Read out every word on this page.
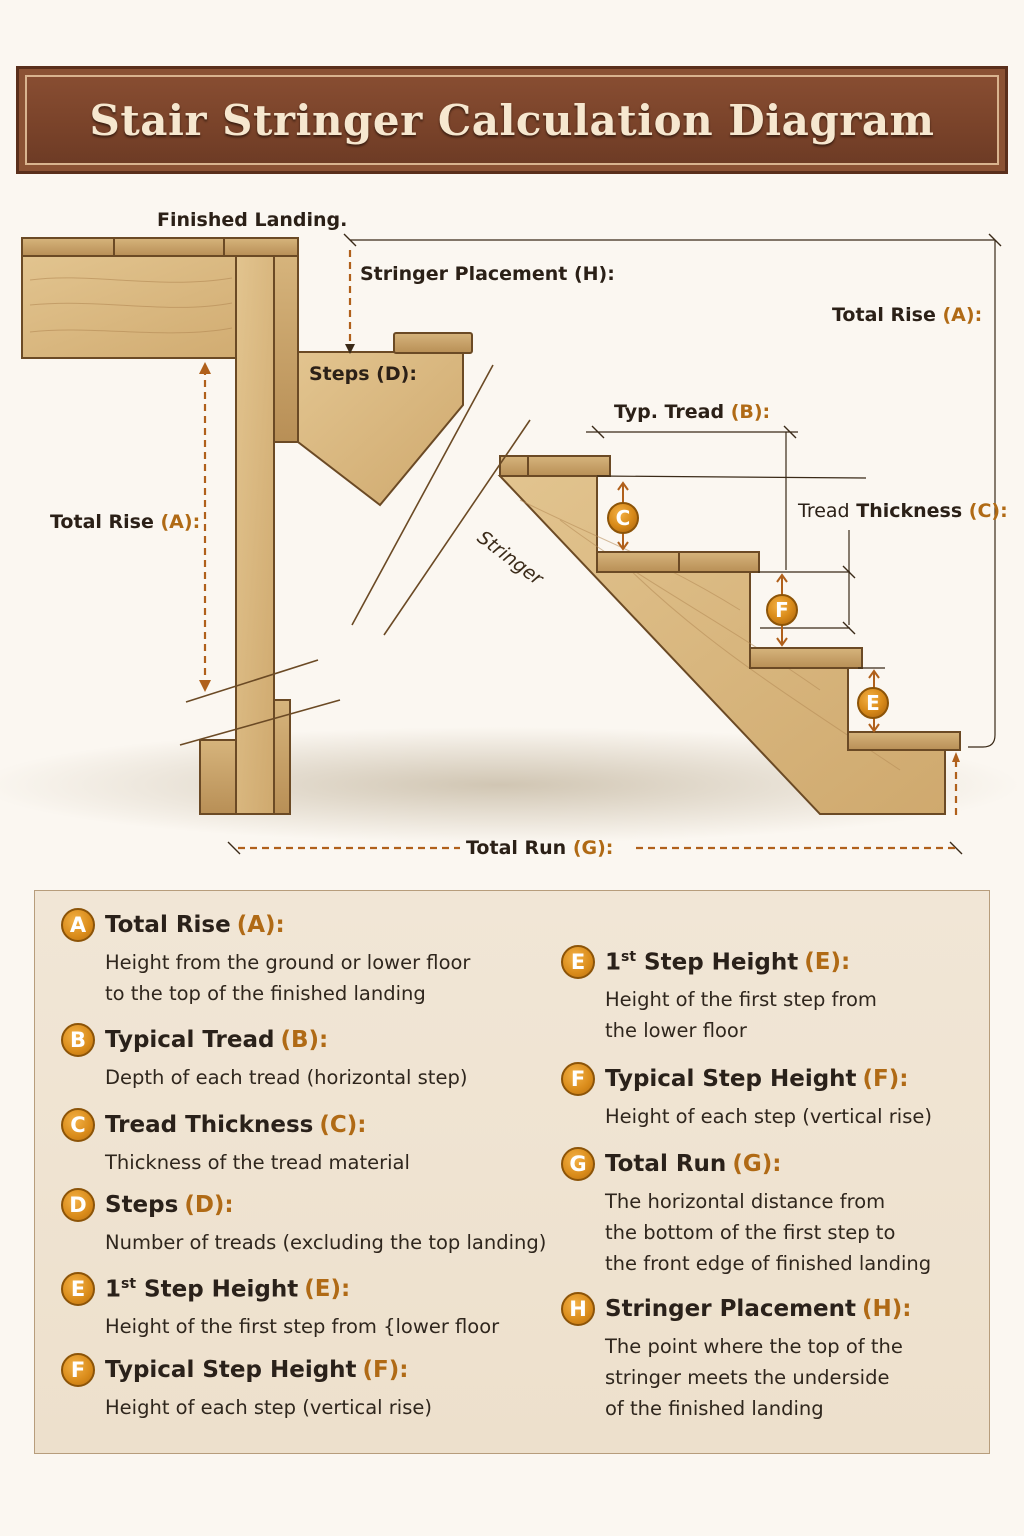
Stair Stringer Calculation Diagram
C
F
E
Finished Landing.
Stringer Placement (H):
Total Rise (A):
Steps (D):
Typ. Tread (B):
Tread Thickness (C):
Total Rise (A):
Stringer
Total Run (G):
A Total Rise (A):
Height from the ground or lower floor
to the top of the finished landing
B Typical Tread (B):
Depth of each tread (horizontal step)
C Tread Thickness (C):
Thickness of the tread material
D Steps (D):
Number of treads (excluding the top landing)
E 1st Step Height (E):
Height of the first step from {lower floor
F Typical Step Height (F):
Height of each step (vertical rise)
E 1st Step Height (E):
Height of the first step from
the lower floor
F Typical Step Height (F):
Height of each step (vertical rise)
G Total Run (G):
The horizontal distance from
the bottom of the first step to
the front edge of finished landing
H Stringer Placement (H):
The point where the top of the
stringer meets the underside
of the finished landing
